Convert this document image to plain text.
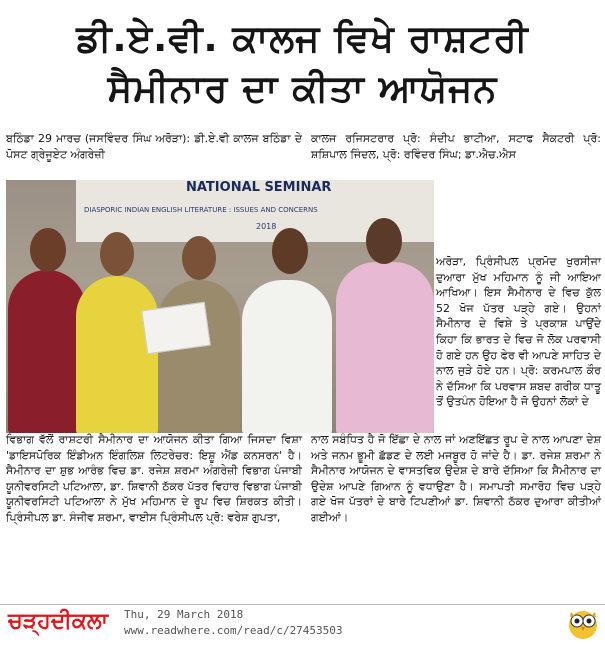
ਡੀ.ਏ.ਵੀ. ਕਾਲਜ ਵਿਖੇ ਰਾਸ਼ਟਰੀ
ਸੈਮੀਨਾਰ ਦਾ ਕੀਤਾ ਆਯੋਜਨ

ਬਠਿੰਡਾ 29 ਮਾਰਚ (ਜਸਵਿੰਦਰ ਸਿੰਘ ਅਰੋੜਾ): ਡੀ.ਏ.ਵੀ ਕਾਲਜ ਬਠਿੰਡਾ ਦੇ ਪੋਸਟ ਗ੍ਰੇਜੂਏਟ ਅੰਗਰੇਜ਼ੀ

ਕਾਲਜ ਰਜਿਸਟਰਾਰ ਪ੍ਰੋ: ਸੰਦੀਪ ਭਾਟੀਆ, ਸਟਾਫ ਸੈਕਟਰੀ ਪ੍ਰੋ: ਸ਼ਸ਼ਿਪਾਲ ਜਿੰਦਲ, ਪ੍ਰੋ: ਰਵਿੰਦਰ ਸਿੰਘ; ਡਾ.ਐਚ.ਐਸ

NATIONAL SEMINAR
DIASPORIC INDIAN ENGLISH LITERATURE : ISSUES AND CONCERNS
2018

ਅਰੋੜਾ, ਪ੍ਰਿੰਸੀਪਲ ਪ੍ਰਮੋਦ ਖੁਰਸੀਜਾ ਦੁਆਰਾ ਮੁੱਖ ਮਹਿਮਾਨ ਨੂੰ ਜੀ ਆਇਆ ਆਖਿਆ। ਇਸ ਸੈਮੀਨਾਰ ਦੇ ਵਿਚ ਕੁੱਲ 52 ਖੋਜ ਪੱਤਰ ਪੜ੍ਹੇ ਗਏ। ਉਹਨਾਂ ਸੈਮੀਨਾਰ ਦੇ ਵਿਸ਼ੇ ਤੇ ਪ੍ਰਕਾਸ਼ ਪਾਉਂਦੇ ਕਿਹਾ ਕਿ ਭਾਰਤ ਦੇ ਵਿਚ ਜੋ ਲੋਕ ਪਰਵਾਸੀ ਹੋ ਗਏ ਹਨ ਉਹ ਫੇਰ ਵੀ ਆਪਣੇ ਸਾਹਿਤ ਦੇ ਨਾਲ ਜੁੜੇ ਹੋਏ ਹਨ। ਪ੍ਰੋ: ਕਰਮਪਾਲ ਕੌਰ ਨੇ ਦੱਸਿਆ ਕਿ ਪਰਵਾਸ ਸ਼ਬਦ ਗਰੀਕ ਧਾਤੂ ਤੋਂ ਉਤਪੰਨ ਹੋਇਆ ਹੈ ਜੋ ਉਹਨਾਂ ਲੋਕਾਂ ਦੇ

ਵਿਭਾਗ ਵੱਲੋਂ ਰਾਸ਼ਟਰੀ ਸੈਮੀਨਾਰ ਦਾ ਆਯੋਜਨ ਕੀਤਾ ਗਿਆ ਜਿਸਦਾ ਵਿਸ਼ਾ 'ਡਾਇਸਪੋਰਿਕ ਇੰਡੀਅਨ ਇੰਗਲਿਸ਼ ਲਿਟਰੇਚਰ: ਇਸ਼ੂ ਐਂਡ ਕਨਸਰਨ' ਹੈ। ਸੈਮੀਨਾਰ ਦਾ ਸ਼ੁਭ ਆਰੰਭ ਵਿਚ ਡਾ. ਰਜੇਸ਼ ਸ਼ਰਮਾ ਅੰਗਰੇਜ਼ੀ ਵਿਭਾਗ ਪੰਜਾਬੀ ਯੂਨੀਵਰਸਿਟੀ ਪਟਿਆਲਾ, ਡਾ. ਸ਼ਿਵਾਨੀ ਠੱਕਰ ਪੱਤਰ ਵਿਹਾਰ ਵਿਭਾਗ ਪੰਜਾਬੀ ਯੂਨੀਵਰਸਿਟੀ ਪਟਿਆਲਾ ਨੇ ਮੁੱਖ ਮਹਿਮਾਨ ਦੇ ਰੂਪ ਵਿਚ ਸ਼ਿਰਕਤ ਕੀਤੀ। ਪ੍ਰਿੰਸੀਪਲ ਡਾ. ਸੰਜੀਵ ਸ਼ਰਮਾ, ਵਾਈਸ ਪ੍ਰਿੰਸੀਪਲ ਪ੍ਰੋ: ਵਰੇਸ਼ ਗੁਪਤਾ,

ਨਾਲ ਸਬੰਧਿਤ ਹੈ ਜੋ ਇੱਛਾ ਦੇ ਨਾਲ ਜਾਂ ਅਣਇੱਛਤ ਰੂਪ ਦੇ ਨਾਲ ਆਪਣਾ ਦੇਸ਼ ਅਤੇ ਜਨਮ ਭੂਮੀ ਛੱਡਣ ਦੇ ਲਈ ਮਜਬੂਰ ਹੋ ਜਾਂਦੇ ਹੈ। ਡਾ. ਰਜੇਸ਼ ਸ਼ਰਮਾ ਨੇ ਸੈਮੀਨਾਰ ਆਯੋਜਨ ਦੇ ਵਾਸਤਵਿਕ ਉਦੇਸ਼ ਦੇ ਬਾਰੇ ਦੱਸਿਆ ਕਿ ਸੈਮੀਨਾਰ ਦਾ ਉਦੇਸ਼ ਆਪਣੇ ਗਿਆਨ ਨੂੰ ਵਧਾਉਣਾ ਹੈ। ਸਮਾਪਤੀ ਸਮਾਰੋਹ ਵਿਚ ਪੜ੍ਹੇ ਗਏ ਖੋਜ ਪੱਤਰਾਂ ਦੇ ਬਾਰੇ ਟਿਪਣੀਆਂ ਡਾ. ਸ਼ਿਵਾਨੀ ਠੱਕਰ ਦੁਆਰਾ ਕੀਤੀਆਂ ਗਈਆਂ।

ਚੜ੍ਹਦੀਕਲਾ Thu, 29 March 2018
www.readwhere.com/read/c/27453503
